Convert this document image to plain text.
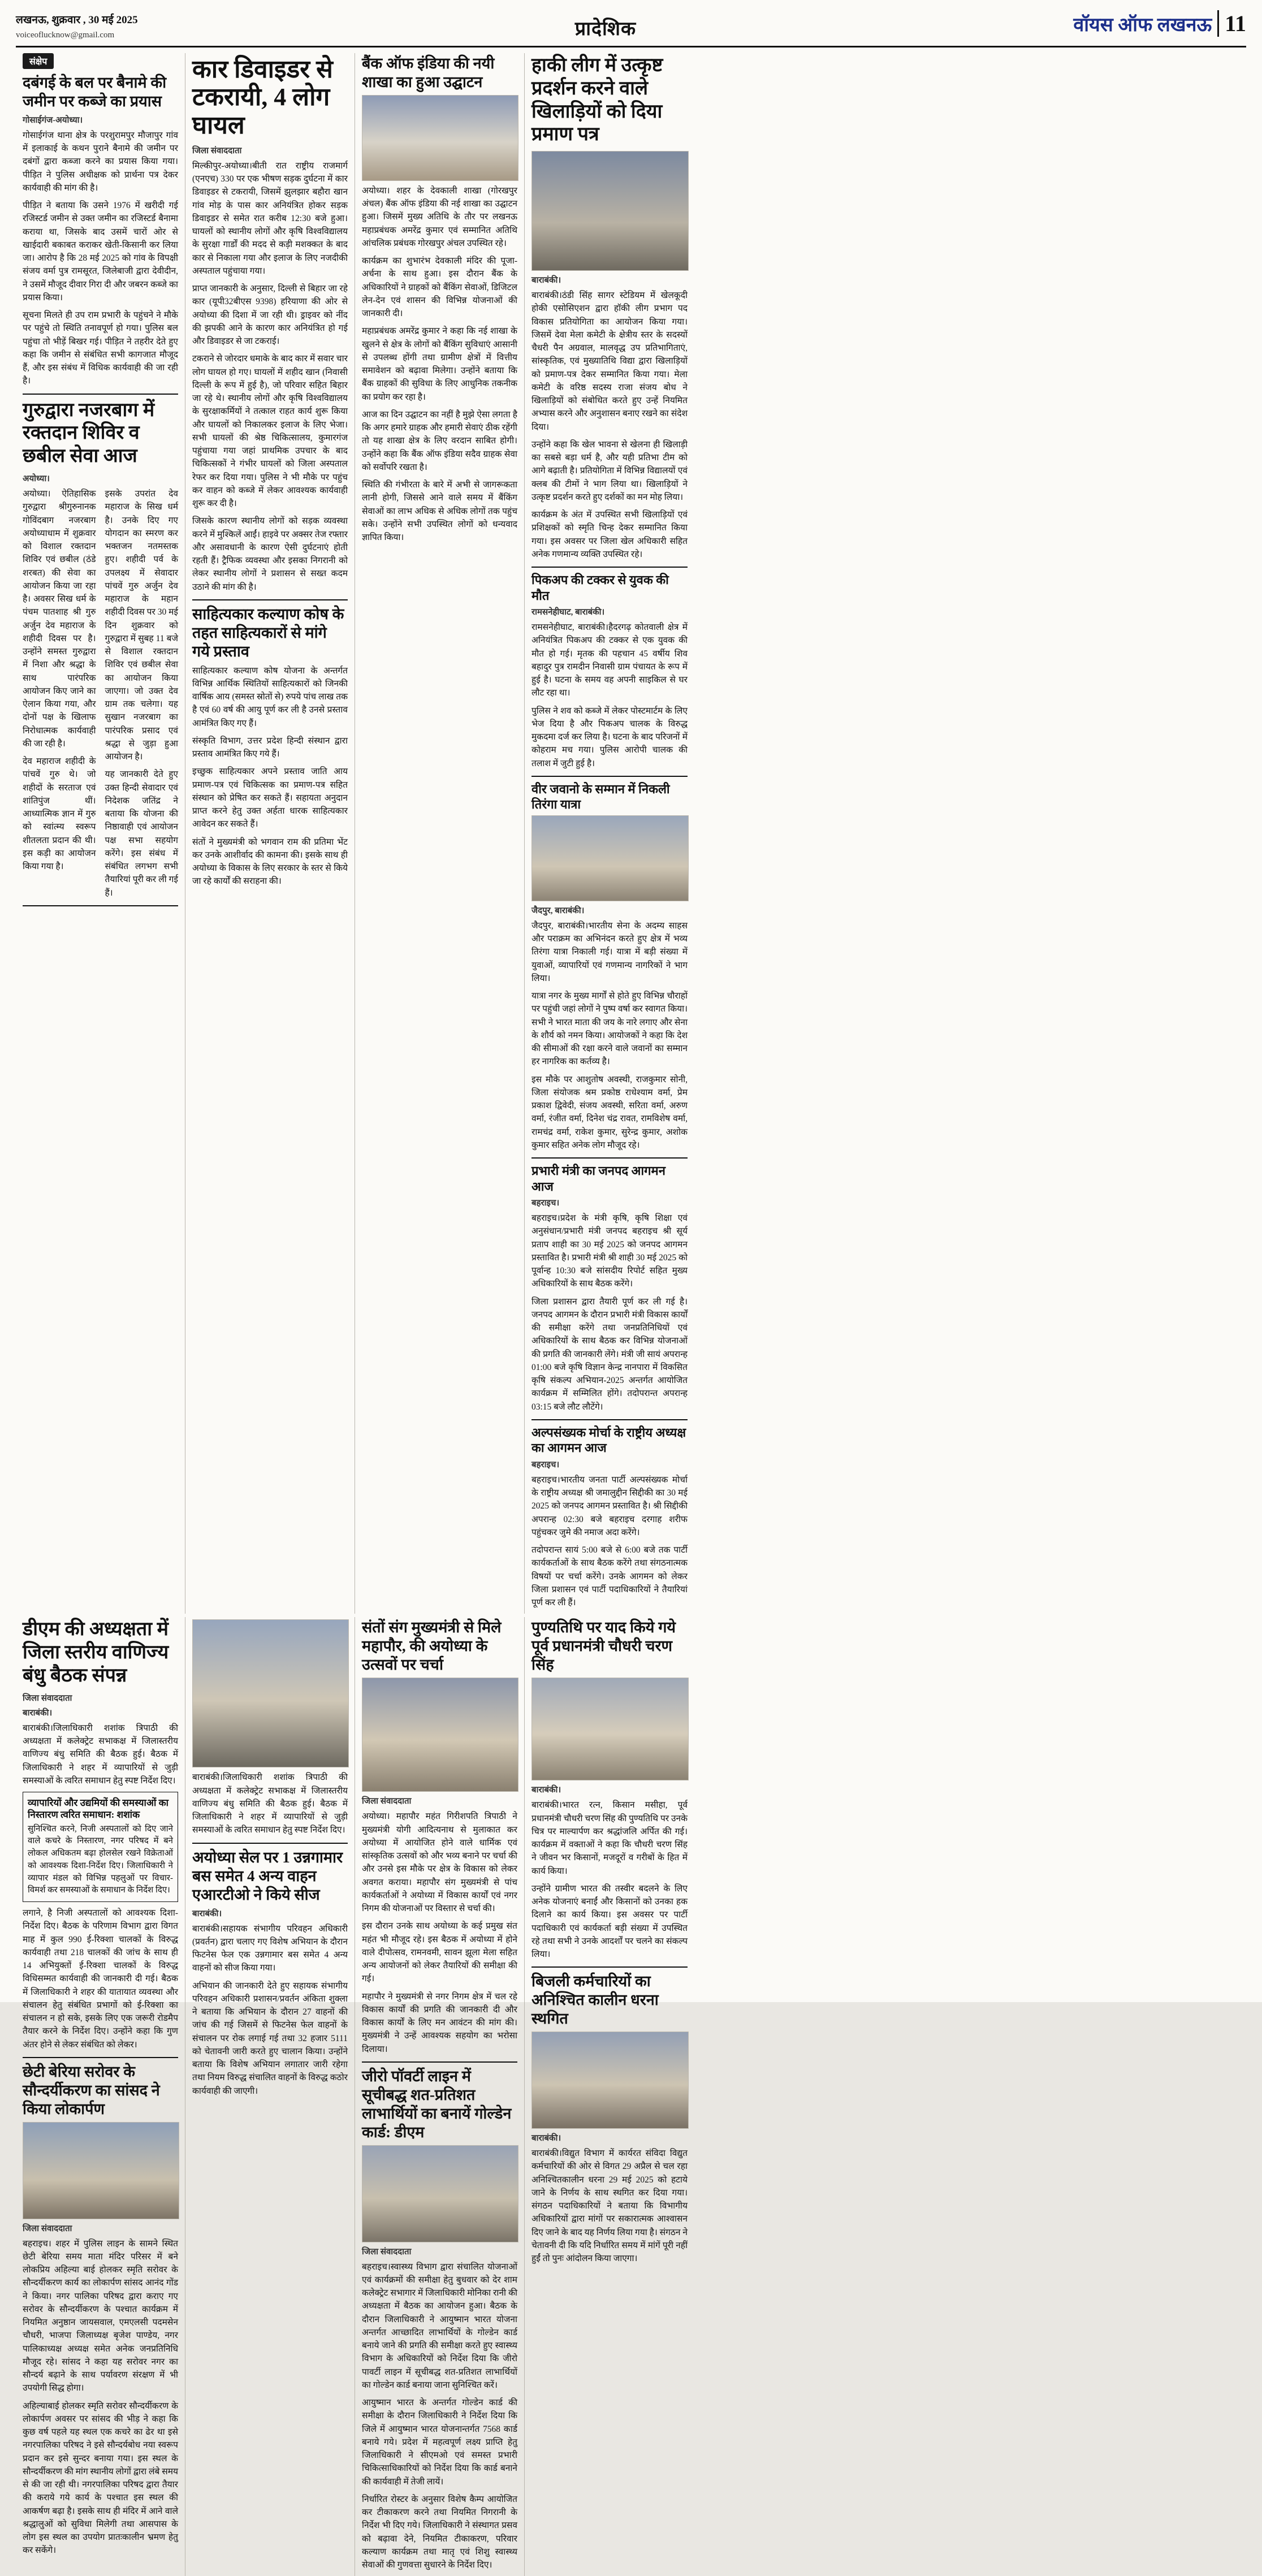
लखनऊ, शुक्रवार , 30 मई 2025
voiceoflucknow@gmail.com	प्रादेशिक	वॉयस ऑफ लखनऊ 11
संक्षेप
दबंगई के बल पर बैनामे की जमीन पर कब्जे का प्रयास
गोसाईगंज-अयोध्या।

गोसाईगंज थाना क्षेत्र के परशुरामपुर मौजापुर गांव में इलाकाई के कथन पुराने बैनामे की जमीन पर दबंगों द्वारा कब्जा करने का प्रयास किया गया। पीड़ित ने पुलिस अधीक्षक को प्रार्थना पत्र देकर कार्यवाही की मांग की है।

पीड़ित ने बताया कि उसने 1976 में खरीदी गई रजिस्टर्ड जमीन से उक्त जमीन का रजिस्टर्ड बैनामा कराया था, जिसके बाद उसमें चारों ओर से खाईदारी बकाबत कराकर खेती-किसानी कर लिया जा। आरोप है कि 28 मई 2025 को गांव के विपक्षी संजय वर्मा पुत्र रामसूरत, जिलेबाजी द्वारा देवीदीन, ने उसमें मौजूद दीवार गिरा दी और जबरन कब्जे का प्रयास किया।

सूचना मिलते ही उप राम प्रभारी के पहुंचने ने मौके पर पहुंचे तो स्थिति तनावपूर्ण हो गया। पुलिस बल पहुंचा तो भीड़ें बिखर गई। पीड़ित ने तहरीर देते हुए कहा कि जमीन से संबंधित सभी कागजात मौजूद हैं, और इस संबंध में विधिक कार्यवाही की जा रही है।

गुरुद्वारा नजरबाग में रक्तदान शिविर व छबील सेवा आज
अयोध्या।

अयोध्या। ऐतिहासिक गुरुद्वारा श्रीगुरुनानक गोविंदबाग नजरबाग अयोध्याधाम में शुक्रवार को विशाल रक्तदान शिविर एवं छबील (ठंडे शरबत) की सेवा का आयोजन किया जा रहा है। अवसर सिख धर्म के पंचम पातशाह श्री गुरु अर्जुन देव महाराज के शहीदी दिवस पर है। उन्होंने समस्त गुरुद्वारा में निशा और श्रद्धा के साथ पारंपरिक आयोजन किए जाने का ऐलान किया गया, और दोनों पक्ष के खिलाफ निरोधात्मक कार्यवाही की जा रही है।

देव महाराज शहीदी के पांचवें गुरु थे। जो शहीदों के सरताज एवं शांतिपुंज थीं। आध्यात्मिक ज्ञान में गुरु को स्वांत्म्य स्वरूप शीतलता प्रदान की थी। इस कड़ी का आयोजन किया गया है।

इसके उपरांत देव महाराज के सिख धर्म है। उनके दिए गए योगदान का स्मरण कर भक्तजन नतमस्तक हुए। शहीदी पर्व के उपलक्ष्य में सेवादार पांचवें गुरु अर्जुन देव महाराज के महान शहीदी दिवस पर 30 मई दिन शुक्रवार को गुरुद्वारा में सुबह 11 बजे से विशाल रक्तदान शिविर एवं छबील सेवा का आयोजन किया जाएगा। जो उक्त देव ग्राम तक चलेगा। यह सुखान नजरबाग का पारंपरिक प्रसाद एवं श्रद्धा से जुड़ा हुआ आयोजन है।

यह जानकारी देते हुए उक्त हिन्दी सेवादार एवं निदेशक जतिंद्र ने बताया कि योजना की निष्ठावाही एवं आयोजन पक्ष सभा सहयोग करेंगे। इस संबंध में संबंधित लगभग सभी तैयारियां पूरी कर ली गई हैं।

कार डिवाइडर से टकरायी, 4 लोग घायल
जिला संवाददाता

मिल्कीपुर-अयोध्या।बीती रात राष्ट्रीय राजमार्ग (एनएच) 330 पर एक भीषण सड़क दुर्घटना में कार डिवाइडर से टकरायी, जिसमें झुलझार बहौरा खान गांव मोड़ के पास कार अनियंत्रित होकर सड़क डिवाइडर से समेत रात करीब 12:30 बजे हुआ। घायलों को स्थानीय लोगों और कृषि विश्वविद्यालय के सुरक्षा गार्डों की मदद से कड़ी मशक्कत के बाद कार से निकाला गया और इलाज के लिए नजदीकी अस्पताल पहुंचाया गया।

प्राप्त जानकारी के अनुसार, दिल्ली से बिहार जा रहे कार (यूपी32बीएस 9398) हरियाणा की ओर से अयोध्या की दिशा में जा रही थी। ड्राइवर को नींद की झपकी आने के कारण कार अनियंत्रित हो गई और डिवाइडर से जा टकराई।

टकराने से जोरदार धमाके के बाद कार में सवार चार लोग घायल हो गए। घायलों में शहीद खान (निवासी दिल्ली के रूप में हुई है), जो परिवार सहित बिहार जा रहे थे। स्थानीय लोगों और कृषि विश्वविद्यालय के सुरक्षाकर्मियों ने तत्काल राहत कार्य शुरू किया और घायलों को निकालकर इलाज के लिए भेजा। सभी घायलों की श्रेष्ठ चिकित्सालय, कुमारगंज पहुंचाया गया जहां प्राथमिक उपचार के बाद चिकित्सकों ने गंभीर घायलों को जिला अस्पताल रेफर कर दिया गया। पुलिस ने भी मौके पर पहुंच कर वाहन को कब्जे में लेकर आवश्यक कार्यवाही शुरू कर दी है।

जिसके कारण स्थानीय लोगों को सड़क व्यवस्था करने में मुश्किलें आईं। हाइवे पर अक्सर तेज रफ्तार और असावधानी के कारण ऐसी दुर्घटनाएं होती रहती हैं। ट्रैफिक व्यवस्था और इसका निगरानी को लेकर स्थानीय लोगों ने प्रशासन से सख्त कदम उठाने की मांग की है।

साहित्यकार कल्याण कोष के तहत साहित्यकारों से मांगे गये प्रस्ताव

साहित्यकार कल्याण कोष योजना के अन्तर्गत विभिन्न आर्थिक स्थितियों साहित्यकारों को जिनकी वार्षिक आय (समस्त स्रोतों से) रुपये पांच लाख तक है एवं 60 वर्ष की आयु पूर्ण कर ली है उनसे प्रस्ताव आमंत्रित किए गए हैं।

संस्कृति विभाग, उत्तर प्रदेश हिन्दी संस्थान द्वारा प्रस्ताव आमंत्रित किए गये हैं।

इच्छुक साहित्यकार अपने प्रस्ताव जाति आय प्रमाण-पत्र एवं चिकित्सक का प्रमाण-पत्र सहित संस्थान को प्रेषित कर सकते हैं। सहायता अनुदान प्राप्त करने हेतु उक्त अर्हता धारक साहित्यकार आवेदन कर सकते हैं।

संतों ने मुख्यमंत्री को भगवान राम की प्रतिमा भेंट कर उनके आशीर्वाद की कामना की। इसके साथ ही अयोध्या के विकास के लिए सरकार के स्तर से किये जा रहे कार्यों की सराहना की।

बैंक ऑफ इंडिया की नयी शाखा का हुआ उद्घाटन

अयोध्या। शहर के देवकाली शाखा (गोरखपुर अंचल) बैंक ऑफ इंडिया की नई शाखा का उद्घाटन हुआ। जिसमें मुख्य अतिथि के तौर पर लखनऊ महाप्रबंधक अमरेंद्र कुमार एवं सम्मानित अतिथि आंचलिक प्रबंधक गोरखपुर अंचल उपस्थित रहे।

कार्यक्रम का शुभारंभ देवकाली मंदिर की पूजा-अर्चना के साथ हुआ। इस दौरान बैंक के अधिकारियों ने ग्राहकों को बैंकिंग सेवाओं, डिजिटल लेन-देन एवं शासन की विभिन्न योजनाओं की जानकारी दी।

महाप्रबंधक अमरेंद्र कुमार ने कहा कि नई शाखा के खुलने से क्षेत्र के लोगों को बैंकिंग सुविधाएं आसानी से उपलब्ध होंगी तथा ग्रामीण क्षेत्रों में वित्तीय समावेशन को बढ़ावा मिलेगा। उन्होंने बताया कि बैंक ग्राहकों की सुविधा के लिए आधुनिक तकनीक का प्रयोग कर रहा है।

आज का दिन उद्घाटन का नहीं है मुझे ऐसा लगता है कि अगर हमारे ग्राहक और हमारी सेवाएं ठीक रहेंगी तो यह शाखा क्षेत्र के लिए वरदान साबित होगी। उन्होंने कहा कि बैंक ऑफ इंडिया सदैव ग्राहक सेवा को सर्वोपरि रखता है।

स्थिति की गंभीरता के बारे में अभी से जागरूकता लानी होगी, जिससे आने वाले समय में बैंकिंग सेवाओं का लाभ अधिक से अधिक लोगों तक पहुंच सके। उन्होंने सभी उपस्थित लोगों को धन्यवाद ज्ञापित किया।

हाकी लीग में उत्कृष्ट प्रदर्शन करने वाले खिलाड़ियों को दिया प्रमाण पत्र
बाराबंकी।

बाराबंकी।ठंडी सिंह सागर स्टेडियम में खेलकूदी होकी एसोसिएशन द्वारा हॉकी लीग प्रभाग पद विकास प्रतियोगिता का आयोजन किया गया। जिसमें देवा मेला कमेटी के क्षेत्रीय स्तर के सदस्यों चैधरी पैन अग्रवाल, मालवृद्ध उप प्रतिभागिताएं, सांस्कृतिक, एवं मुख्यातिथि विद्या द्वारा खिलाड़ियों को प्रमाण-पत्र देकर सम्मानित किया गया। मेला कमेटी के वरिष्ठ सदस्य राजा संजय बोध ने खिलाड़ियों को संबोधित करते हुए उन्हें नियमित अभ्यास करने और अनुशासन बनाए रखने का संदेश दिया।

उन्होंने कहा कि खेल भावना से खेलना ही खिलाड़ी का सबसे बड़ा धर्म है, और यही प्रतिभा टीम को आगे बढ़ाती है। प्रतियोगिता में विभिन्न विद्यालयों एवं क्लब की टीमों ने भाग लिया था। खिलाड़ियों ने उत्कृष्ट प्रदर्शन करते हुए दर्शकों का मन मोह लिया।

कार्यक्रम के अंत में उपस्थित सभी खिलाड़ियों एवं प्रशिक्षकों को स्मृति चिन्ह देकर सम्मानित किया गया। इस अवसर पर जिला खेल अधिकारी सहित अनेक गणमान्य व्यक्ति उपस्थित रहे।

पिकअप की टक्कर से युवक की मौत
रामसनेहीघाट, बाराबंकी।

रामसनेहीघाट, बाराबंकी।हैदरगढ़ कोतवाली क्षेत्र में अनियंत्रित पिकअप की टक्कर से एक युवक की मौत हो गई। मृतक की पहचान 45 वर्षीय शिव बहादुर पुत्र रामदीन निवासी ग्राम पंचायत के रूप में हुई है। घटना के समय वह अपनी साइकिल से घर लौट रहा था।

पुलिस ने शव को कब्जे में लेकर पोस्टमार्टम के लिए भेज दिया है और पिकअप चालक के विरुद्ध मुकदमा दर्ज कर लिया है। घटना के बाद परिजनों में कोहराम मच गया। पुलिस आरोपी चालक की तलाश में जुटी हुई है।

वीर जवानो के सम्मान में निकली तिरंगा यात्रा
जैदपुर, बाराबंकी।

जैदपुर, बाराबंकी।भारतीय सेना के अदम्य साहस और पराक्रम का अभिनंदन करते हुए क्षेत्र में भव्य तिरंगा यात्रा निकाली गई। यात्रा में बड़ी संख्या में युवाओं, व्यापारियों एवं गणमान्य नागरिकों ने भाग लिया।

यात्रा नगर के मुख्य मार्गों से होते हुए विभिन्न चौराहों पर पहुंची जहां लोगों ने पुष्प वर्षा कर स्वागत किया। सभी ने भारत माता की जय के नारे लगाए और सेना के शौर्य को नमन किया। आयोजकों ने कहा कि देश की सीमाओं की रक्षा करने वाले जवानों का सम्मान हर नागरिक का कर्तव्य है।

इस मौके पर आशुतोष अवस्थी, राजकुमार सोनी, जिला संयोजक श्रम प्रकोष्ठ राधेश्याम वर्मा, प्रेम प्रकाश द्विवेदी, संजय अवस्थी, सरिता वर्मा, अरुण वर्मा, रंजीत वर्मा, दिनेश चंद्र रावत, रामविशेष वर्मा, रामचंद्र वर्मा, राकेश कुमार, सुरेन्द्र कुमार, अशोक कुमार सहित अनेक लोग मौजूद रहे।

प्रभारी मंत्री का जनपद आगमन आज
बहराइच।

बहराइच।प्रदेश के मंत्री कृषि, कृषि शिक्षा एवं अनुसंधान/प्रभारी मंत्री जनपद बहराइच श्री सूर्य प्रताप शाही का 30 मई 2025 को जनपद आगमन प्रस्तावित है। प्रभारी मंत्री श्री शाही 30 मई 2025 को पूर्वान्ह 10:30 बजे सांसदीय रिपोर्ट सहित मुख्य अधिकारियों के साथ बैठक करेंगे।

जिला प्रशासन द्वारा तैयारी पूर्ण कर ली गई है। जनपद आगमन के दौरान प्रभारी मंत्री विकास कार्यों की समीक्षा करेंगे तथा जनप्रतिनिधियों एवं अधिकारियों के साथ बैठक कर विभिन्न योजनाओं की प्रगति की जानकारी लेंगे। मंत्री जी सायं अपरान्ह 01:00 बजे कृषि विज्ञान केन्द्र नानपारा में विकसित कृषि संकल्प अभियान-2025 अन्तर्गत आयोजित कार्यक्रम में सम्मिलित होंगे। तदोपरान्त अपरान्ह 03:15 बजे लौट लौटेंगे।

अल्पसंख्यक मोर्चा के राष्ट्रीय अध्यक्ष का आगमन आज
बहराइच।

बहराइच।भारतीय जनता पार्टी अल्पसंख्यक मोर्चा के राष्ट्रीय अध्यक्ष श्री जमालुद्दीन सिद्दीकी का 30 मई 2025 को जनपद आगमन प्रस्तावित है। श्री सिद्दीकी अपरान्ह 02:30 बजे बहराइच दरगाह शरीफ पहुंचकर जुमे की नमाज अदा करेंगे।

तदोपरान्त सायं 5:00 बजे से 6:00 बजे तक पार्टी कार्यकर्ताओं के साथ बैठक करेंगे तथा संगठनात्मक विषयों पर चर्चा करेंगे। उनके आगमन को लेकर जिला प्रशासन एवं पार्टी पदाधिकारियों ने तैयारियां पूर्ण कर ली हैं।

डीएम की अध्यक्षता में जिला स्तरीय वाणिज्य बंधु बैठक संपन्न
जिला संवाददाता
बाराबंकी।

बाराबंकी।जिलाधिकारी शशांक त्रिपाठी की अध्यक्षता में कलेक्ट्रेट सभाकक्ष में जिलास्तरीय वाणिज्य बंधु समिति की बैठक हुई। बैठक में जिलाधिकारी ने शहर में व्यापारियों से जुड़ी समस्याओं के त्वरित समाधान हेतु स्पष्ट निर्देश दिए।

व्यापारियों और उद्यमियों की समस्याओं का निस्तारण त्वरित समाधान: शशांक
सुनिश्चित करने, निजी अस्पतालों को दिए जाने वाले कचरे के निस्तारण, नगर परिषद में बने लोकल अधिकतम बढ़ा होलसेल रखने विक्रेताओं को आवश्यक दिशा-निर्देश दिए। जिलाधिकारी ने व्यापार मंडल को विभिन्न पहलुओं पर विचार-विमर्श कर समस्याओं के समाधान के निर्देश दिए।

लगाने, है निजी अस्पतालों को आवश्यक दिशा-निर्देश दिए। बैठक के परिणाम विभाग द्वारा विगत माह में कुल 990 ई-रिक्शा चालकों के विरुद्ध कार्यवाही तथा 218 चालकों की जांच के साथ ही 14 अभियुक्तों ई-रिक्शा चालकों के विरुद्ध विधिसम्मत कार्यवाही की जानकारी दी गई। बैठक में जिलाधिकारी ने शहर की यातायात व्यवस्था और संचालन हेतु संबंधित प्रभागों को ई-रिक्शा का संचालन न हो सके, इसके लिए एक जरूरी रोडमैप तैयार करने के निर्देश दिए। उन्होंने कहा कि गुण अंतर होने से लेकर संबंधित को लेकर।

छेटी बेरिया सरोवर के सौन्दर्यीकरण का सांसद ने किया लोकार्पण
जिला संवाददाता

बहराइच। शहर में पुलिस लाइन के सामने स्थित छेटी बेरिया समय माता मंदिर परिसर में बने लोकप्रिय अहिल्या बाई होलकर स्मृति सरोवर के सौन्दर्यीकरण कार्य का लोकार्पण सांसद आनंद गोंड ने किया। नगर पालिका परिषद द्वारा कराए गए सरोवर के सौन्दर्यीकरण के पश्चात कार्यक्रम में नियमित अनुष्ठान जायसवाल, एमएलसी पदमसेन चौधरी, भाजपा जिलाध्यक्ष बृजेश पाण्डेय, नगर पालिकाध्यक्ष अध्यक्ष समेत अनेक जनप्रतिनिधि मौजूद रहे। सांसद ने कहा यह सरोवर नगर का सौन्दर्य बढ़ाने के साथ पर्यावरण संरक्षण में भी उपयोगी सिद्ध होगा।

अहिल्याबाई होलकर स्मृति सरोवर सौन्दर्यीकरण के लोकार्पण अवसर पर सांसद की भीड़ ने कहा कि कुछ वर्ष पहले यह स्थल एक कचरे का ढेर था इसे नगरपालिका परिषद ने इसे सौन्दर्यबोध नया स्वरूप प्रदान कर इसे सुन्दर बनाया गया। इस स्थल के सौन्दर्यीकरण की मांग स्थानीय लोगों द्वारा लंबे समय से की जा रही थी। नगरपालिका परिषद द्वारा तैयार की कराये गये कार्य के पश्चात इस स्थल की आकर्षण बढ़ा है। इसके साथ ही मंदिर में आने वाले श्रद्धालुओं को सुविधा मिलेगी तथा आसपास के लोग इस स्थल का उपयोग प्रातःकालीन भ्रमण हेतु कर सकेंगे।

बाराबंकी।जिलाधिकारी शशांक त्रिपाठी की अध्यक्षता में कलेक्ट्रेट सभाकक्ष में जिलास्तरीय वाणिज्य बंधु समिति की बैठक हुई। बैठक में जिलाधिकारी ने शहर में व्यापारियों से जुड़ी समस्याओं के त्वरित समाधान हेतु स्पष्ट निर्देश दिए।

अयोध्या सेल पर 1 उन्नगामार बस समेत 4 अन्य वाहन एआरटीओ ने किये सीज
बाराबंकी।

बाराबंकी।सहायक संभागीय परिवहन अधिकारी (प्रवर्तन) द्वारा चलाए गए विशेष अभियान के दौरान फिटनेस फेल एक उन्नगामार बस समेत 4 अन्य वाहनों को सीज किया गया।

अभियान की जानकारी देते हुए सहायक संभागीय परिवहन अधिकारी प्रशासन/प्रवर्तन अंकिता शुक्ला ने बताया कि अभियान के दौरान 27 वाहनों की जांच की गई जिसमें से फिटनेस फेल वाहनों के संचालन पर रोक लगाई गई तथा 32 हजार 5111 को चेतावनी जारी करते हुए चालान किया। उन्होंने बताया कि विशेष अभियान लगातार जारी रहेगा तथा नियम विरुद्ध संचालित वाहनों के विरुद्ध कठोर कार्यवाही की जाएगी।

संतों संग मुख्यमंत्री से मिले महापौर, की अयोध्या के उत्सवों पर चर्चा
जिला संवाददाता

अयोध्या। महापौर महंत गिरीशपति त्रिपाठी ने मुख्यमंत्री योगी आदित्यनाथ से मुलाकात कर अयोध्या में आयोजित होने वाले धार्मिक एवं सांस्कृतिक उत्सवों को और भव्य बनाने पर चर्चा की और उनसे इस मौके पर क्षेत्र के विकास को लेकर अवगत कराया। महापौर संग मुख्यमंत्री से पांच कार्यकर्ताओं ने अयोध्या में विकास कार्यों एवं नगर निगम की योजनाओं पर विस्तार से चर्चा की।

इस दौरान उनके साथ अयोध्या के कई प्रमुख संत महंत भी मौजूद रहे। इस बैठक में अयोध्या में होने वाले दीपोत्सव, रामनवमी, सावन झूला मेला सहित अन्य आयोजनों को लेकर तैयारियों की समीक्षा की गई।

महापौर ने मुख्यमंत्री से नगर निगम क्षेत्र में चल रहे विकास कार्यों की प्रगति की जानकारी दी और विकास कार्यों के लिए मन आवंटन की मांग की। मुख्यमंत्री ने उन्हें आवश्यक सहयोग का भरोसा दिलाया।

जीरो पॉवर्टी लाइन में सूचीबद्ध शत-प्रतिशत लाभार्थियों का बनायें गोल्डेन कार्ड: डीएम
जिला संवाददाता

बहराइच।स्वास्थ्य विभाग द्वारा संचालित योजनाओं एवं कार्यक्रमों की समीक्षा हेतु बुधवार को देर शाम कलेक्ट्रेट सभागार में जिलाधिकारी मोनिका रानी की अध्यक्षता में बैठक का आयोजन हुआ। बैठक के दौरान जिलाधिकारी ने आयुष्मान भारत योजना अन्तर्गत आच्छादित लाभार्थियों के गोल्डेन कार्ड बनाये जाने की प्रगति की समीक्षा करते हुए स्वास्थ्य विभाग के अधिकारियों को निर्देश दिया कि जीरो पावर्टी लाइन में सूचीबद्ध शत-प्रतिशत लाभार्थियों का गोल्डेन कार्ड बनाया जाना सुनिश्चित करें।

आयुष्मान भारत के अन्तर्गत गोल्डेन कार्ड की समीक्षा के दौरान जिलाधिकारी ने निर्देश दिया कि जिले में आयुष्मान भारत योजनान्तर्गत 7568 कार्ड बनाये गये। प्रदेश में महत्वपूर्ण लक्ष्य प्राप्ति हेतु जिलाधिकारी ने सीएमओ एवं समस्त प्रभारी चिकित्साधिकारियों को निर्देश दिया कि कार्ड बनाने की कार्यवाही में तेजी लायें।

निर्धारित रोस्टर के अनुसार विशेष कैम्प आयोजित कर टीकाकरण करने तथा नियमित निगरानी के निर्देश भी दिए गये। जिलाधिकारी ने संस्थागत प्रसव को बढ़ावा देने, नियमित टीकाकरण, परिवार कल्याण कार्यक्रम तथा मातृ एवं शिशु स्वास्थ्य सेवाओं की गुणवत्ता सुधारने के निर्देश दिए।

पुण्यतिथि पर याद किये गये पूर्व प्रधानमंत्री चौधरी चरण सिंह
बाराबंकी।

बाराबंकी।भारत रत्न, किसान मसीहा, पूर्व प्रधानमंत्री चौधरी चरण सिंह की पुण्यतिथि पर उनके चित्र पर माल्यार्पण कर श्रद्धांजलि अर्पित की गई। कार्यक्रम में वक्ताओं ने कहा कि चौधरी चरण सिंह ने जीवन भर किसानों, मजदूरों व गरीबों के हित में कार्य किया।

उन्होंने ग्रामीण भारत की तस्वीर बदलने के लिए अनेक योजनाएं बनाईं और किसानों को उनका हक दिलाने का कार्य किया। इस अवसर पर पार्टी पदाधिकारी एवं कार्यकर्ता बड़ी संख्या में उपस्थित रहे तथा सभी ने उनके आदर्शों पर चलने का संकल्प लिया।

बिजली कर्मचारियों का अनिश्चित कालीन धरना स्थगित
बाराबंकी।

बाराबंकी।विद्युत विभाग में कार्यरत संविदा विद्युत कर्मचारियों की ओर से विगत 29 अप्रैल से चल रहा अनिश्चितकालीन धरना 29 मई 2025 को हटाये जाने के निर्णय के साथ स्थगित कर दिया गया। संगठन पदाधिकारियों ने बताया कि विभागीय अधिकारियों द्वारा मांगों पर सकारात्मक आश्वासन दिए जाने के बाद यह निर्णय लिया गया है। संगठन ने चेतावनी दी कि यदि निर्धारित समय में मांगें पूरी नहीं हुईं तो पुनः आंदोलन किया जाएगा।
